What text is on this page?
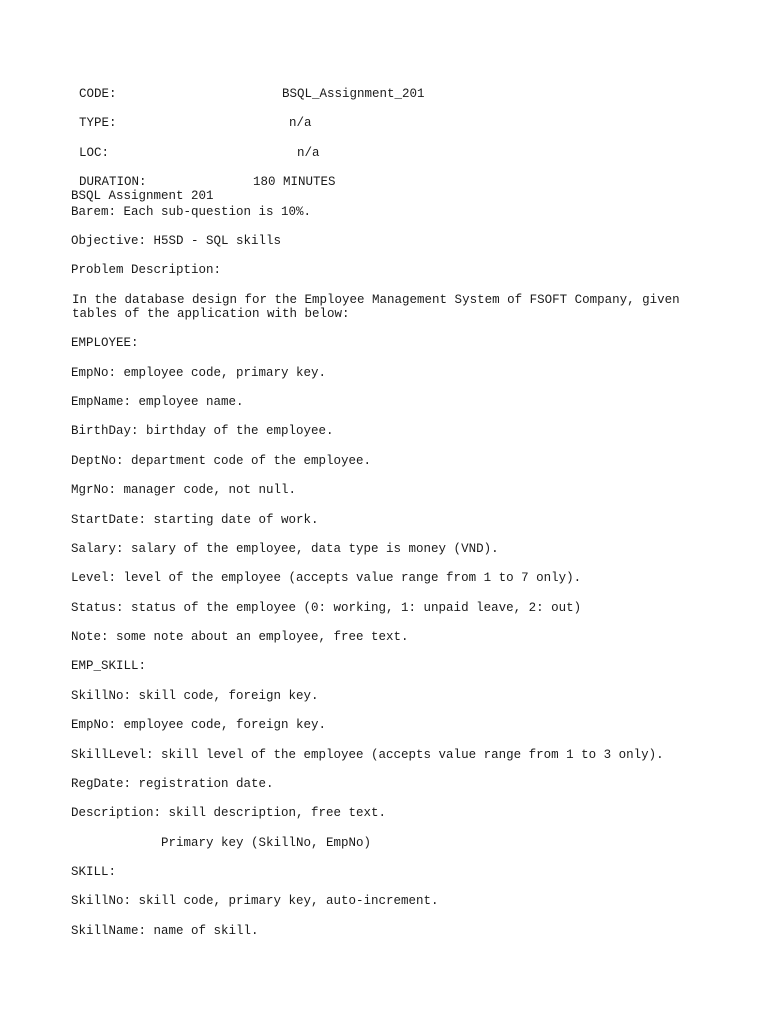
CODE:	BSQL_Assignment_201
TYPE:	n/a
LOC:	n/a
DURATION:	180 MINUTES
BSQL Assignment 201
Barem: Each sub-question is 10%.
Objective: H5SD - SQL skills
Problem Description:
In the database design for the Employee Management System of FSOFT Company, given
tables of the application with below:
EMPLOYEE:
EmpNo: employee code, primary key.
EmpName: employee name.
BirthDay: birthday of the employee.
DeptNo: department code of the employee.
MgrNo: manager code, not null.
StartDate: starting date of work.
Salary: salary of the employee, data type is money (VND).
Level: level of the employee (accepts value range from 1 to 7 only).
Status: status of the employee (0: working, 1: unpaid leave, 2: out)
Note: some note about an employee, free text.
EMP_SKILL:
SkillNo: skill code, foreign key.
EmpNo: employee code, foreign key.
SkillLevel: skill level of the employee (accepts value range from 1 to 3 only).
RegDate: registration date.
Description: skill description, free text.
Primary key (SkillNo, EmpNo)
SKILL:
SkillNo: skill code, primary key, auto-increment.
SkillName: name of skill.
